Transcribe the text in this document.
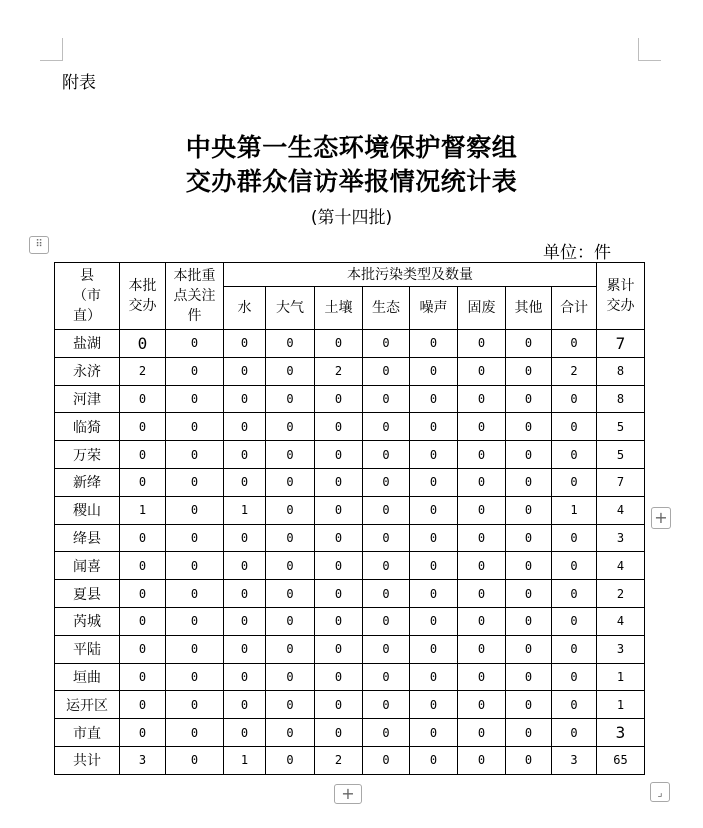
附表
中央第一生态环境保护督察组
交办群众信访举报情况统计表
(第十四批)
单位：件
⠿
县（市直）	本批交办	本批重点关注件	本批污染类型及数量								累计交办
			水	大气	土壤	生态	噪声	固废	其他	合计	
盐湖	0	0	0	0	0	0	0	0	0	0	7
永济	2	0	0	0	2	0	0	0	0	2	8
河津	0	0	0	0	0	0	0	0	0	0	8
临猗	0	0	0	0	0	0	0	0	0	0	5
万荣	0	0	0	0	0	0	0	0	0	0	5
新绛	0	0	0	0	0	0	0	0	0	0	7
稷山	1	0	1	0	0	0	0	0	0	1	4
绛县	0	0	0	0	0	0	0	0	0	0	3
闻喜	0	0	0	0	0	0	0	0	0	0	4
夏县	0	0	0	0	0	0	0	0	0	0	2
芮城	0	0	0	0	0	0	0	0	0	0	4
平陆	0	0	0	0	0	0	0	0	0	0	3
垣曲	0	0	0	0	0	0	0	0	0	0	1
运开区	0	0	0	0	0	0	0	0	0	0	1
市直	0	0	0	0	0	0	0	0	0	0	3
共计	3	0	1	0	2	0	0	0	0	3	65
+
+	⌟
